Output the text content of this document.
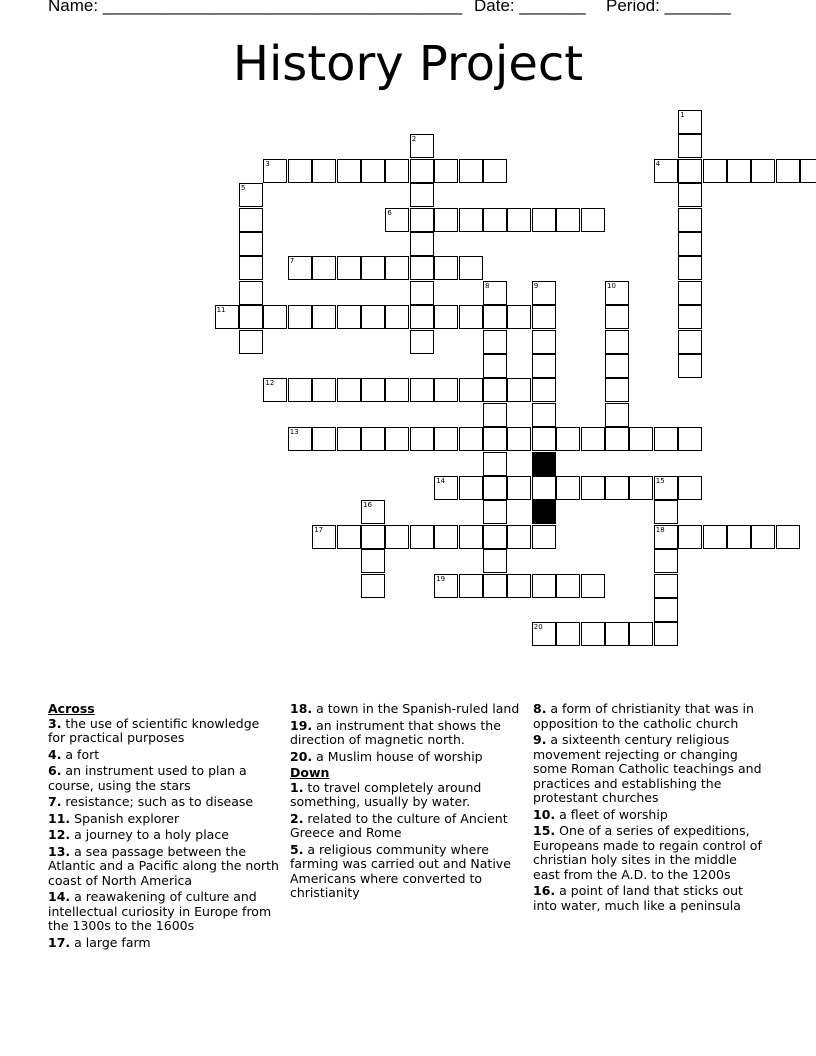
Name: ______________________________________ Date: _______ Period: _______
History Project
3	4
6
7
11
12
13
14	15
17	18
19
20
1
2
5
8	9	10
16
Across
3. the use of scientific knowledge for practical purposes
4. a fort
6. an instrument used to plan a course, using the stars
7. resistance; such as to disease
11. Spanish explorer
12. a journey to a holy place
13. a sea passage between the Atlantic and a Pacific along the north coast of North America
14. a reawakening of culture and intellectual curiosity in Europe from the 1300s to the 1600s
17. a large farm
18. a town in the Spanish-ruled land
19. an instrument that shows the direction of magnetic north.
20. a Muslim house of worship
Down
1. to travel completely around something, usually by water.
2. related to the culture of Ancient Greece and Rome
5. a religious community where farming was carried out and Native Americans where converted to christianity
8. a form of christianity that was in opposition to the catholic church
9. a sixteenth century religious movement rejecting or changing some Roman Catholic teachings and practices and establishing the protestant churches
10. a fleet of worship
15. One of a series of expeditions, Europeans made to regain control of christian holy sites in the middle east from the A.D. to the 1200s
16. a point of land that sticks out into water, much like a peninsula
